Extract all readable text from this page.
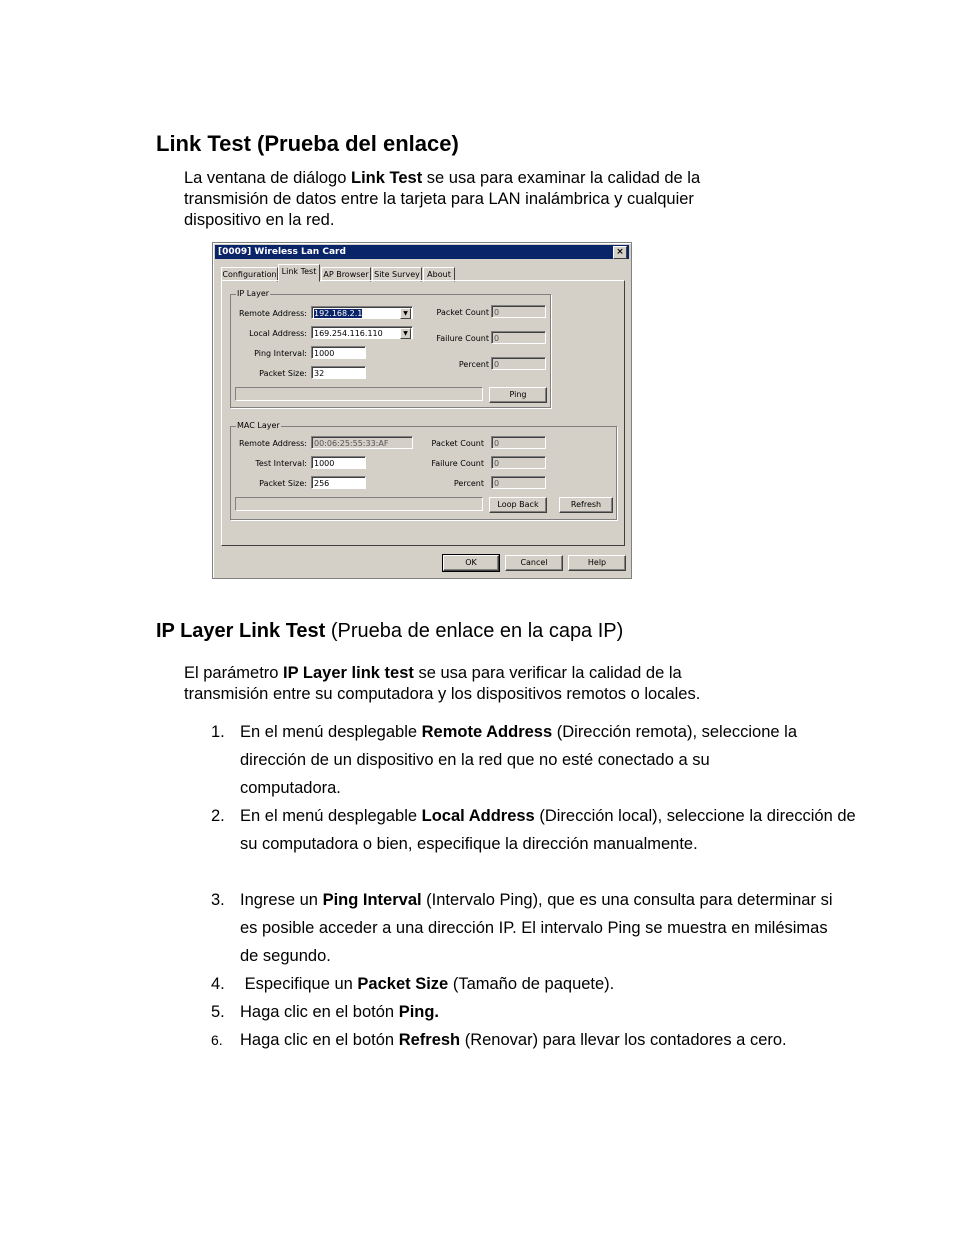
Link Test (Prueba del enlace)
La ventana de diálogo Link Test se usa para examinar la calidad de la
transmisión de datos entre la tarjeta para LAN inalámbrica y cualquier
dispositivo en la red.
[0009] Wireless Lan Card	×
Configuration Link Test AP Browser Site Survey About
IP Layer
Remote Address: 192.168.2.1	▼
Local Address: 169.254.116.110	▼
Ping Interval: 1000
Packet Size: 32
Packet Count 0
Failure Count 0
Percent 0
Ping
MAC Layer
Remote Address: 00:06:25:55:33:AF
Test Interval: 1000
Packet Size: 256
Packet Count	0
Failure Count	0
Percent	0
Loop Back	Refresh
OK	Cancel	Help
IP Layer Link Test (Prueba de enlace en la capa IP)
El parámetro IP Layer link test se usa para verificar la calidad de la
transmisión entre su computadora y los dispositivos remotos o locales.
1. En el menú desplegable Remote Address (Dirección remota), seleccione la dirección de un dispositivo en la red que no esté conectado a su computadora.
2. En el menú desplegable Local Address (Dirección local), seleccione la dirección de su computadora o bien, especifique la dirección manualmente.
3. Ingrese un Ping Interval (Intervalo Ping), que es una consulta para determinar si es posible acceder a una dirección IP. El intervalo Ping se muestra en milésimas de segundo.
4. Especifique un Packet Size (Tamaño de paquete).
5. Haga clic en el botón Ping.
6. Haga clic en el botón Refresh (Renovar) para llevar los contadores a cero.
